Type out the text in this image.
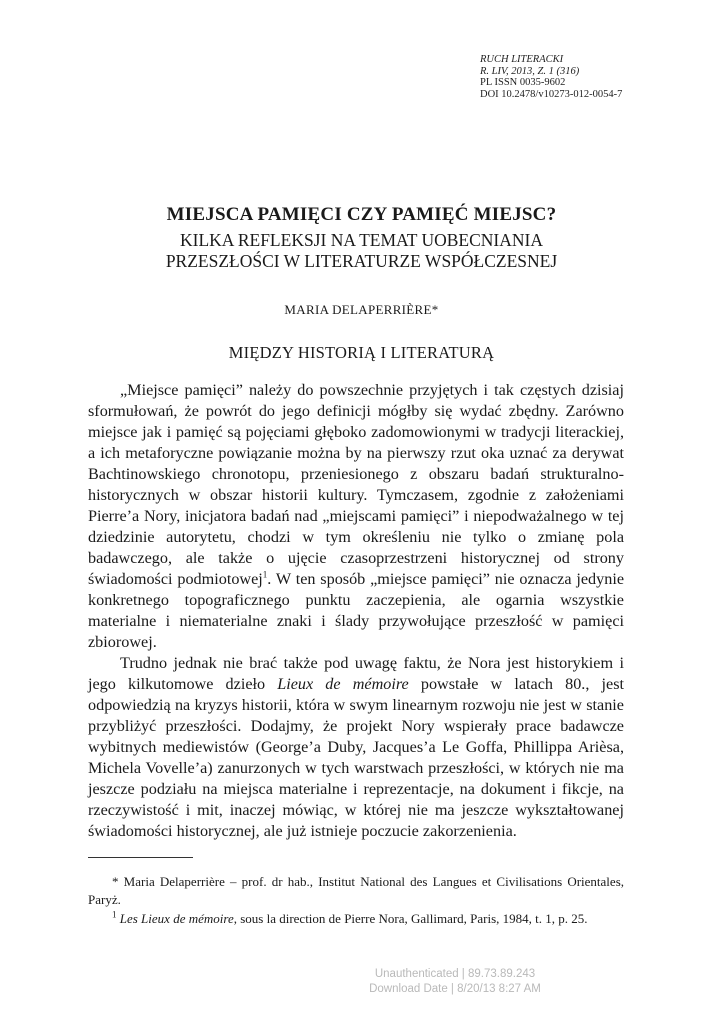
RUCH LITERACKI
R. LIV, 2013, Z. 1 (316)
PL ISSN 0035-9602
DOI 10.2478/v10273-012-0054-7
MIEJSCA PAMIĘCI CZY PAMIĘĆ MIEJSC?
KILKA REFLEKSJI NA TEMAT UOBECNIANIA
PRZESZŁOŚCI W LITERATURZE WSPÓŁCZESNEJ
MARIA DELAPERRIÈRE*
MIĘDZY HISTORIĄ I LITERATURĄ

„Miejsce pamięci” należy do powszechnie przyjętych i tak częstych dzisiaj sformułowań, że powrót do jego definicji mógłby się wydać zbędny. Zarówno miejsce jak i pamięć są pojęciami głęboko zadomowionymi w tradycji literackiej, a ich metaforyczne powiązanie można by na pierwszy rzut oka uznać za derywat Bachtinowskiego chronotopu, przeniesionego z obszaru badań strukturalno-historycznych w obszar historii kultury. Tymczasem, zgodnie z założeniami Pierre’a Nory, inicjatora badań nad „miejscami pamięci” i niepodważalnego w tej dziedzinie autorytetu, chodzi w tym określeniu nie tylko o zmianę pola badawczego, ale także o ujęcie czasoprzestrzeni historycznej od strony świadomości podmiotowej$^1$. W ten sposób „miejsce pamięci” nie oznacza jedynie konkretnego topograficznego punktu zaczepienia, ale ogarnia wszystkie materialne i niematerialne znaki i ślady przywołujące przeszłość w pamięci zbiorowej.

Trudno jednak nie brać także pod uwagę faktu, że Nora jest historykiem i jego kilkutomowe dzieło Lieux de mémoire powstałe w latach 80., jest odpowiedzią na kryzys historii, która w swym linearnym rozwoju nie jest w stanie przybliżyć przeszłości. Dodajmy, że projekt Nory wspierały prace badawcze wybitnych mediewistów (George’a Duby, Jacques’a Le Goffa, Phillippa Arièsa, Michela Vovelle’a) zanurzonych w tych warstwach przeszłości, w których nie ma jeszcze podziału na miejsca materialne i reprezentacje, na dokument i fikcje, na rzeczywistość i mit, inaczej mówiąc, w której nie ma jeszcze wykształtowanej świadomości historycznej, ale już istnieje poczucie zakorzenienia.

* Maria Delaperrière – prof. dr hab., Institut National des Langues et Civilisations Orientales, Paryż.

$^1$ Les Lieux de mémoire, sous la direction de Pierre Nora, Gallimard, Paris, 1984, t. 1, p. 25.

Unauthenticated | 89.73.89.243
Download Date | 8/20/13 8:27 AM
